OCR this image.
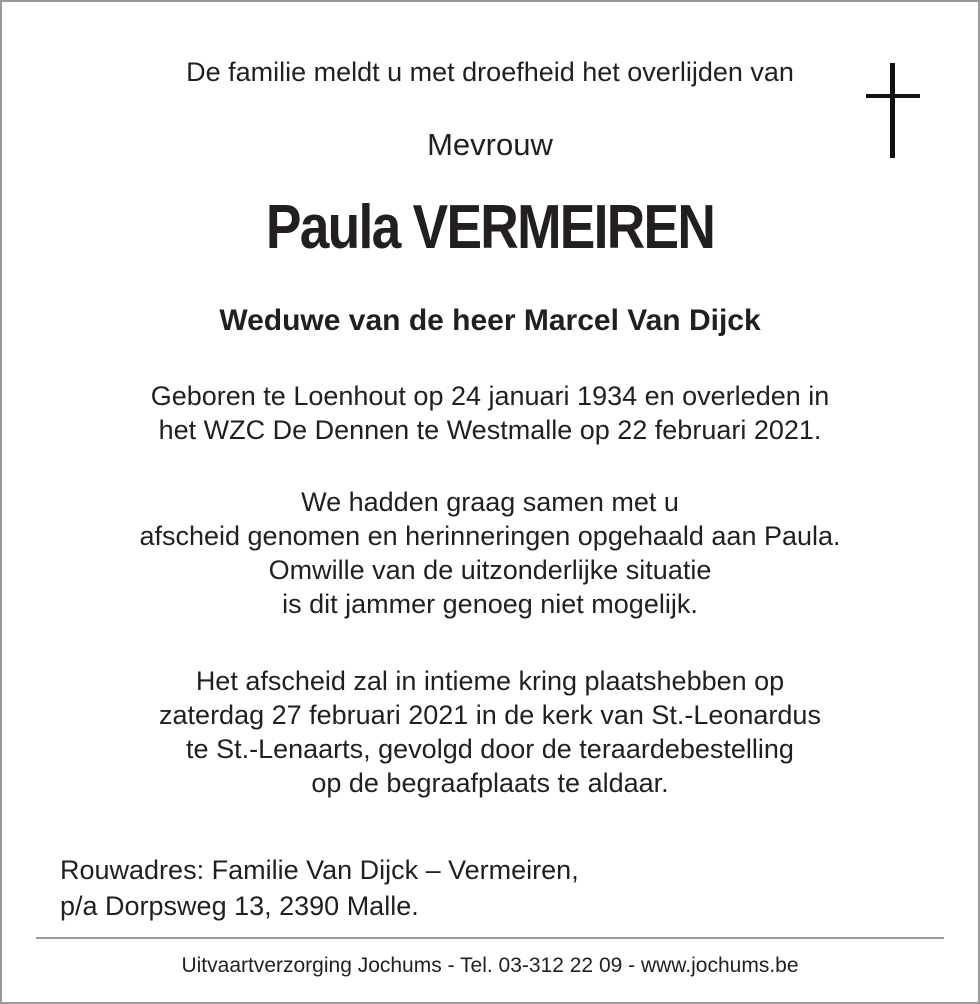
De familie meldt u met droefheid het overlijden van
Mevrouw
Paula VERMEIREN
Weduwe van de heer Marcel Van Dijck
Geboren te Loenhout op 24 januari 1934 en overleden in
het WZC De Dennen te Westmalle op 22 februari 2021.
We hadden graag samen met u
afscheid genomen en herinneringen opgehaald aan Paula.
Omwille van de uitzonderlijke situatie
is dit jammer genoeg niet mogelijk.
Het afscheid zal in intieme kring plaatshebben op
zaterdag 27 februari 2021 in de kerk van St.-Leonardus
te St.-Lenaarts, gevolgd door de teraardebestelling
op de begraafplaats te aldaar.
Rouwadres: Familie Van Dijck – Vermeiren,
p/a Dorpsweg 13, 2390 Malle.
Uitvaartverzorging Jochums - Tel. 03-312 22 09 - www.jochums.be
